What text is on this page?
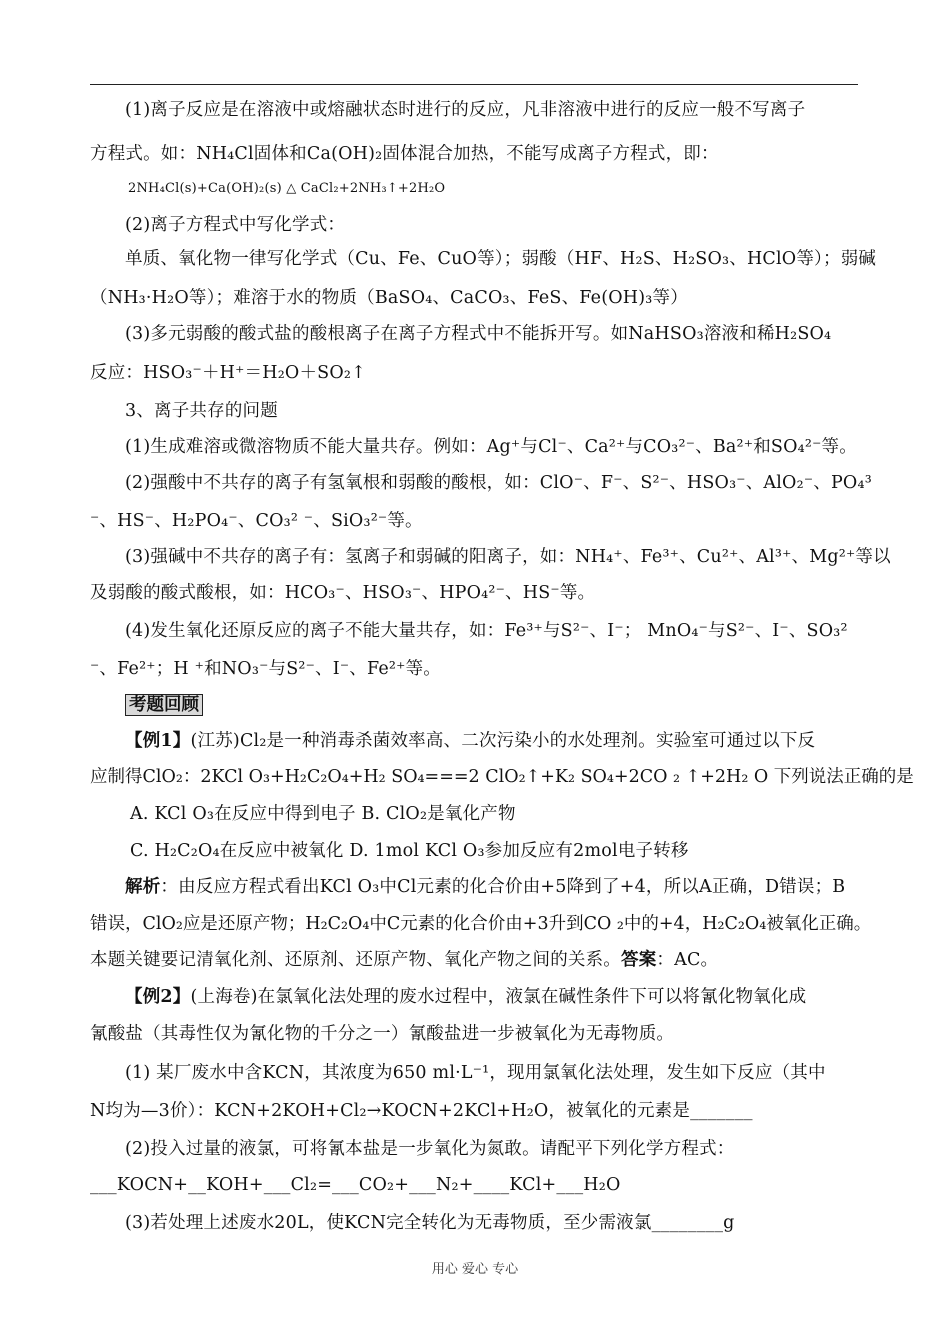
(1)离子反应是在溶液中或熔融状态时进行的反应，凡非溶液中进行的反应一般不写离子
方程式。如：NH₄Cl固体和Ca(OH)₂固体混合加热，不能写成离子方程式，即：
2NH₄Cl(s)+Ca(OH)₂(s) △ CaCl₂+2NH₃↑+2H₂O
(2)离子方程式中写化学式：
单质、氧化物一律写化学式（Cu、Fe、CuO等）；弱酸（HF、H₂S、H₂SO₃、HClO等）；弱碱
（NH₃·H₂O等）；难溶于水的物质（BaSO₄、CaCO₃、FeS、Fe(OH)₃等）
(3)多元弱酸的酸式盐的酸根离子在离子方程式中不能拆开写。如NaHSO₃溶液和稀H₂SO₄
反应：HSO₃⁻＋H⁺＝H₂O＋SO₂↑
3、离子共存的问题
(1)生成难溶或微溶物质不能大量共存。例如：Ag⁺与Cl⁻、Ca²⁺与CO₃²⁻、Ba²⁺和SO₄²⁻等。
(2)强酸中不共存的离子有氢氧根和弱酸的酸根，如：ClO⁻、F⁻、S²⁻、HSO₃⁻、AlO₂⁻、PO₄³
⁻、HS⁻、H₂PO₄⁻、CO₃² ⁻、SiO₃²⁻等。
(3)强碱中不共存的离子有：氢离子和弱碱的阳离子，如：NH₄⁺、Fe³⁺、Cu²⁺、Al³⁺、Mg²⁺等以
及弱酸的酸式酸根，如：HCO₃⁻、HSO₃⁻、HPO₄²⁻、HS⁻等。
(4)发生氧化还原反应的离子不能大量共存，如：Fe³⁺与S²⁻、I⁻； MnO₄⁻与S²⁻、I⁻、SO₃²
⁻、Fe²⁺；H ⁺和NO₃⁻与S²⁻、I⁻、Fe²⁺等。
考题回顾
【例1】(江苏)Cl₂是一种消毒杀菌效率高、二次污染小的水处理剂。实验室可通过以下反
应制得ClO₂：2KCl O₃+H₂C₂O₄+H₂ SO₄===2 ClO₂↑+K₂ SO₄+2CO ₂ ↑+2H₂ O 下列说法正确的是
A. KCl O₃在反应中得到电子 B. ClO₂是氧化产物
C. H₂C₂O₄在反应中被氧化 D. 1mol KCl O₃参加反应有2mol电子转移
解析：由反应方程式看出KCl O₃中Cl元素的化合价由+5降到了+4，所以A正确，D错误；B
错误，ClO₂应是还原产物；H₂C₂O₄中C元素的化合价由+3升到CO ₂中的+4，H₂C₂O₄被氧化正确。
本题关键要记清氧化剂、还原剂、还原产物、氧化产物之间的关系。答案：AC。
【例2】(上海卷)在氯氧化法处理的废水过程中，液氯在碱性条件下可以将氰化物氧化成
氰酸盐（其毒性仅为氰化物的千分之一）氰酸盐进一步被氧化为无毒物质。
(1) 某厂废水中含KCN，其浓度为650 ml·L⁻¹，现用氯氧化法处理，发生如下反应（其中
N均为—3价）：KCN+2KOH+Cl₂→KOCN+2KCl+H₂O，被氧化的元素是_______
(2)投入过量的液氯，可将氰本盐是一步氧化为氮敢。请配平下列化学方程式：
___KOCN+__KOH+___Cl₂=___CO₂+___N₂+____KCl+___H₂O
(3)若处理上述废水20L，使KCN完全转化为无毒物质，至少需液氯________g
用心 爱心 专心
